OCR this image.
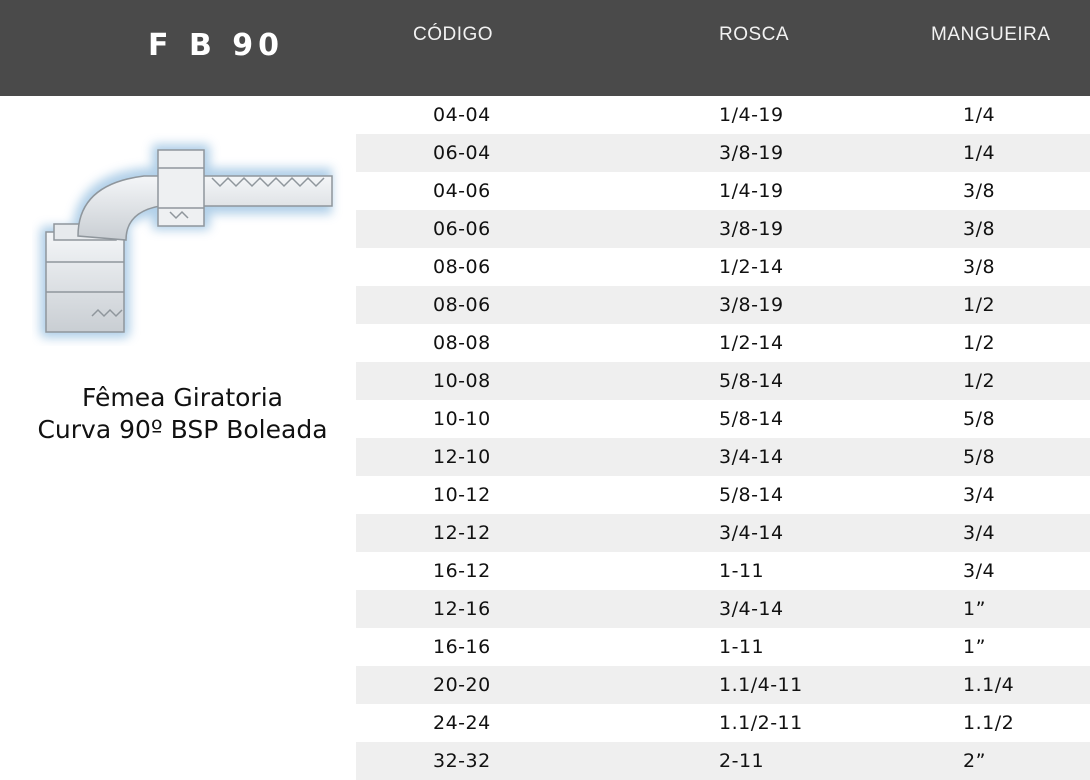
F B 90	CÓDIGO	ROSCA	MANGUEIRA
Fêmea Giratoria
Curva 90º BSP Boleada
04-04	1/4-19	1/4
06-04	3/8-19	1/4
04-06	1/4-19	3/8
06-06	3/8-19	3/8
08-06	1/2-14	3/8
08-06	3/8-19	1/2
08-08	1/2-14	1/2
10-08	5/8-14	1/2
10-10	5/8-14	5/8
12-10	3/4-14	5/8
10-12	5/8-14	3/4
12-12	3/4-14	3/4
16-12	1-11	3/4
12-16	3/4-14	1”
16-16	1-11	1”
20-20	1.1/4-11	1.1/4
24-24	1.1/2-11	1.1/2
32-32	2-11	2”
